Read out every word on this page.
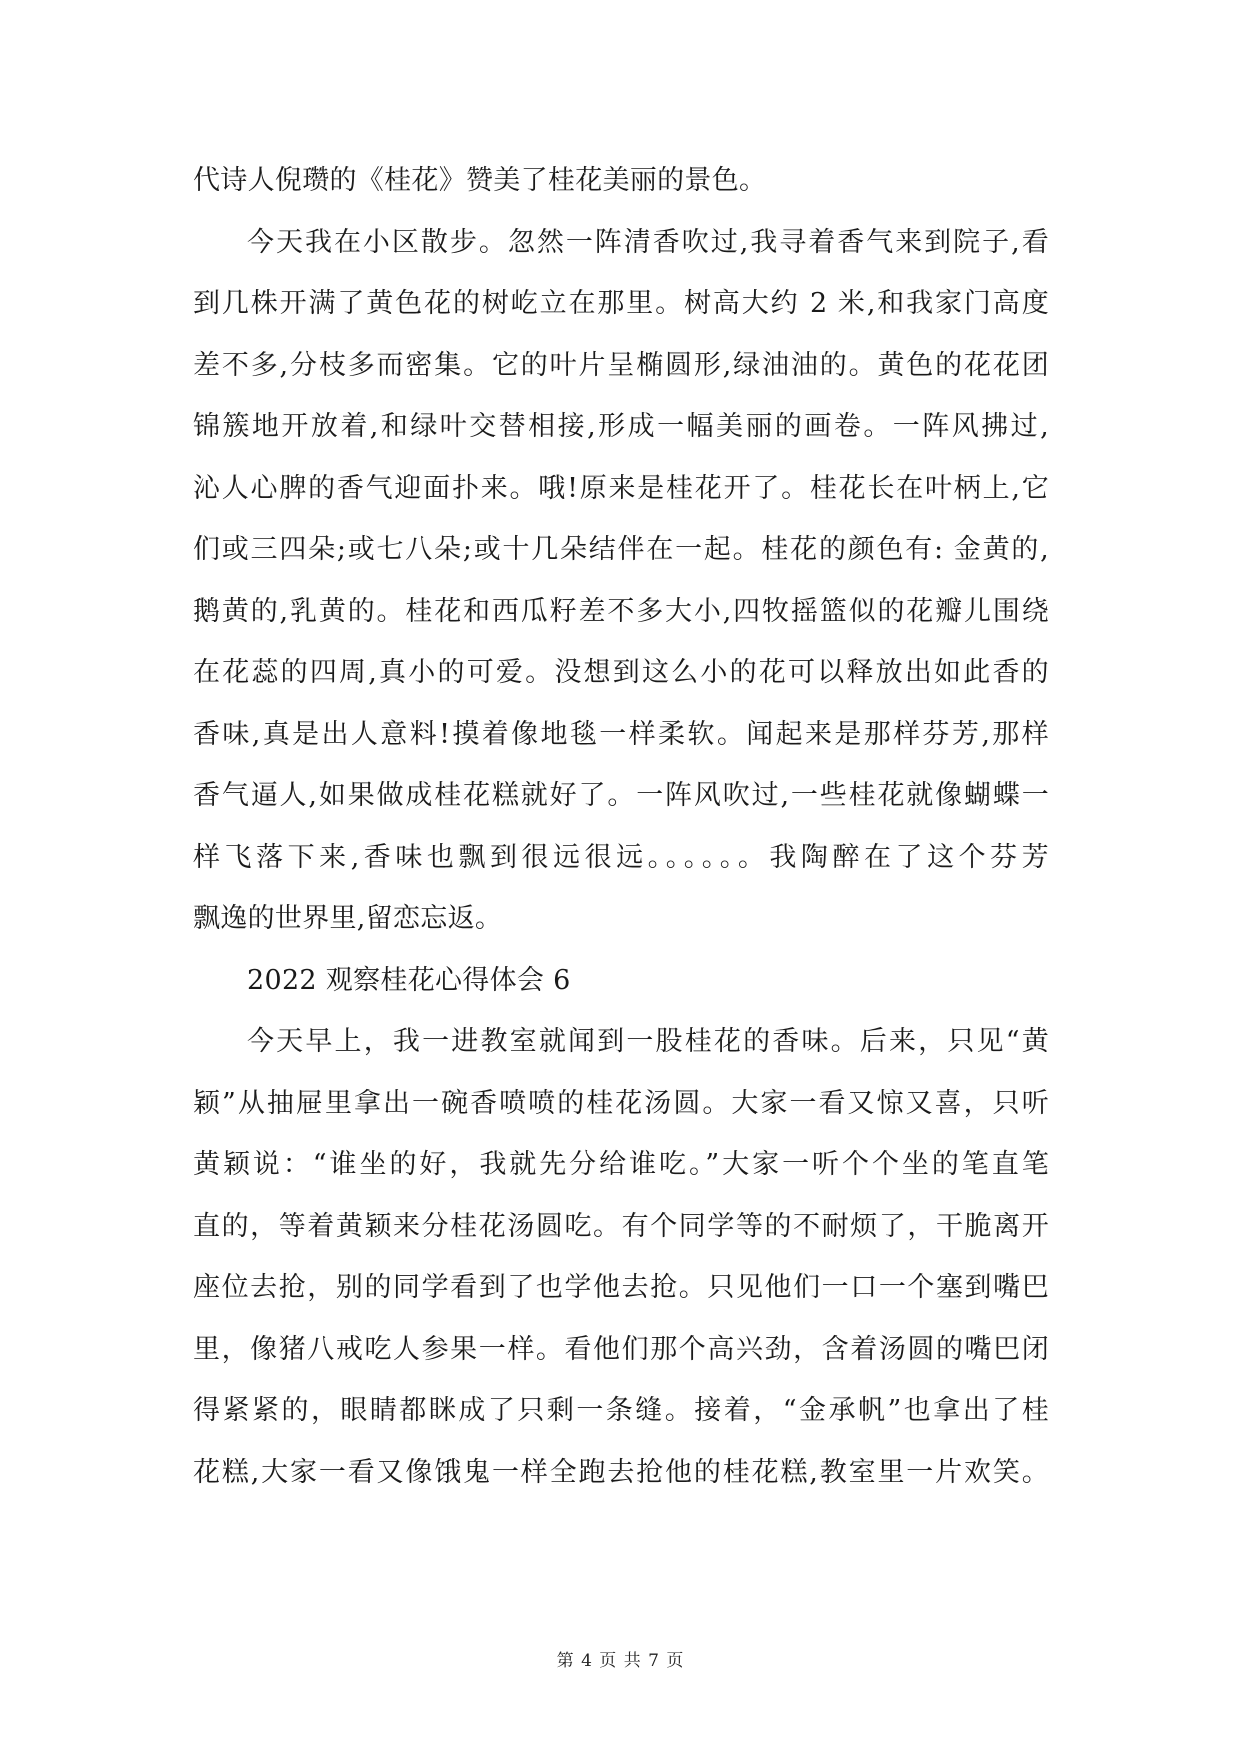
代诗人倪瓒的《桂花》赞美了桂花美丽的景色。
今天我在小区散步。忽然一阵清香吹过,我寻着香气来到院子,看
到几株开满了黄色花的树屹立在那里。树高大约 2 米,和我家门高度
差不多,分枝多而密集。它的叶片呈椭圆形,绿油油的。黄色的花花团
锦簇地开放着,和绿叶交替相接,形成一幅美丽的画卷。一阵风拂过,
沁人心脾的香气迎面扑来。哦!原来是桂花开了。桂花长在叶柄上,它
们或三四朵;或七八朵;或十几朵结伴在一起。桂花的颜色有: 金黄的,
鹅黄的,乳黄的。桂花和西瓜籽差不多大小,四牧摇篮似的花瓣儿围绕
在花蕊的四周,真小的可爱。没想到这么小的花可以释放出如此香的
香味,真是出人意料!摸着像地毯一样柔软。闻起来是那样芬芳,那样
香气逼人,如果做成桂花糕就好了。一阵风吹过,一些桂花就像蝴蝶一
样飞落下来,香味也飘到很远很远。。。。。。我陶醉在了这个芬芳
飘逸的世界里,留恋忘返。
2022 观察桂花心得体会 6
今天早上，我一进教室就闻到一股桂花的香味。后来，只见“黄
颖”从抽屉里拿出一碗香喷喷的桂花汤圆。大家一看又惊又喜，只听
黄颖说：“谁坐的好，我就先分给谁吃。”大家一听个个坐的笔直笔
直的，等着黄颖来分桂花汤圆吃。有个同学等的不耐烦了，干脆离开
座位去抢，别的同学看到了也学他去抢。只见他们一口一个塞到嘴巴
里，像猪八戒吃人参果一样。看他们那个高兴劲，含着汤圆的嘴巴闭
得紧紧的，眼睛都眯成了只剩一条缝。接着，“金承帆”也拿出了桂
花糕,大家一看又像饿鬼一样全跑去抢他的桂花糕,教室里一片欢笑。
第 4 页 共 7 页
